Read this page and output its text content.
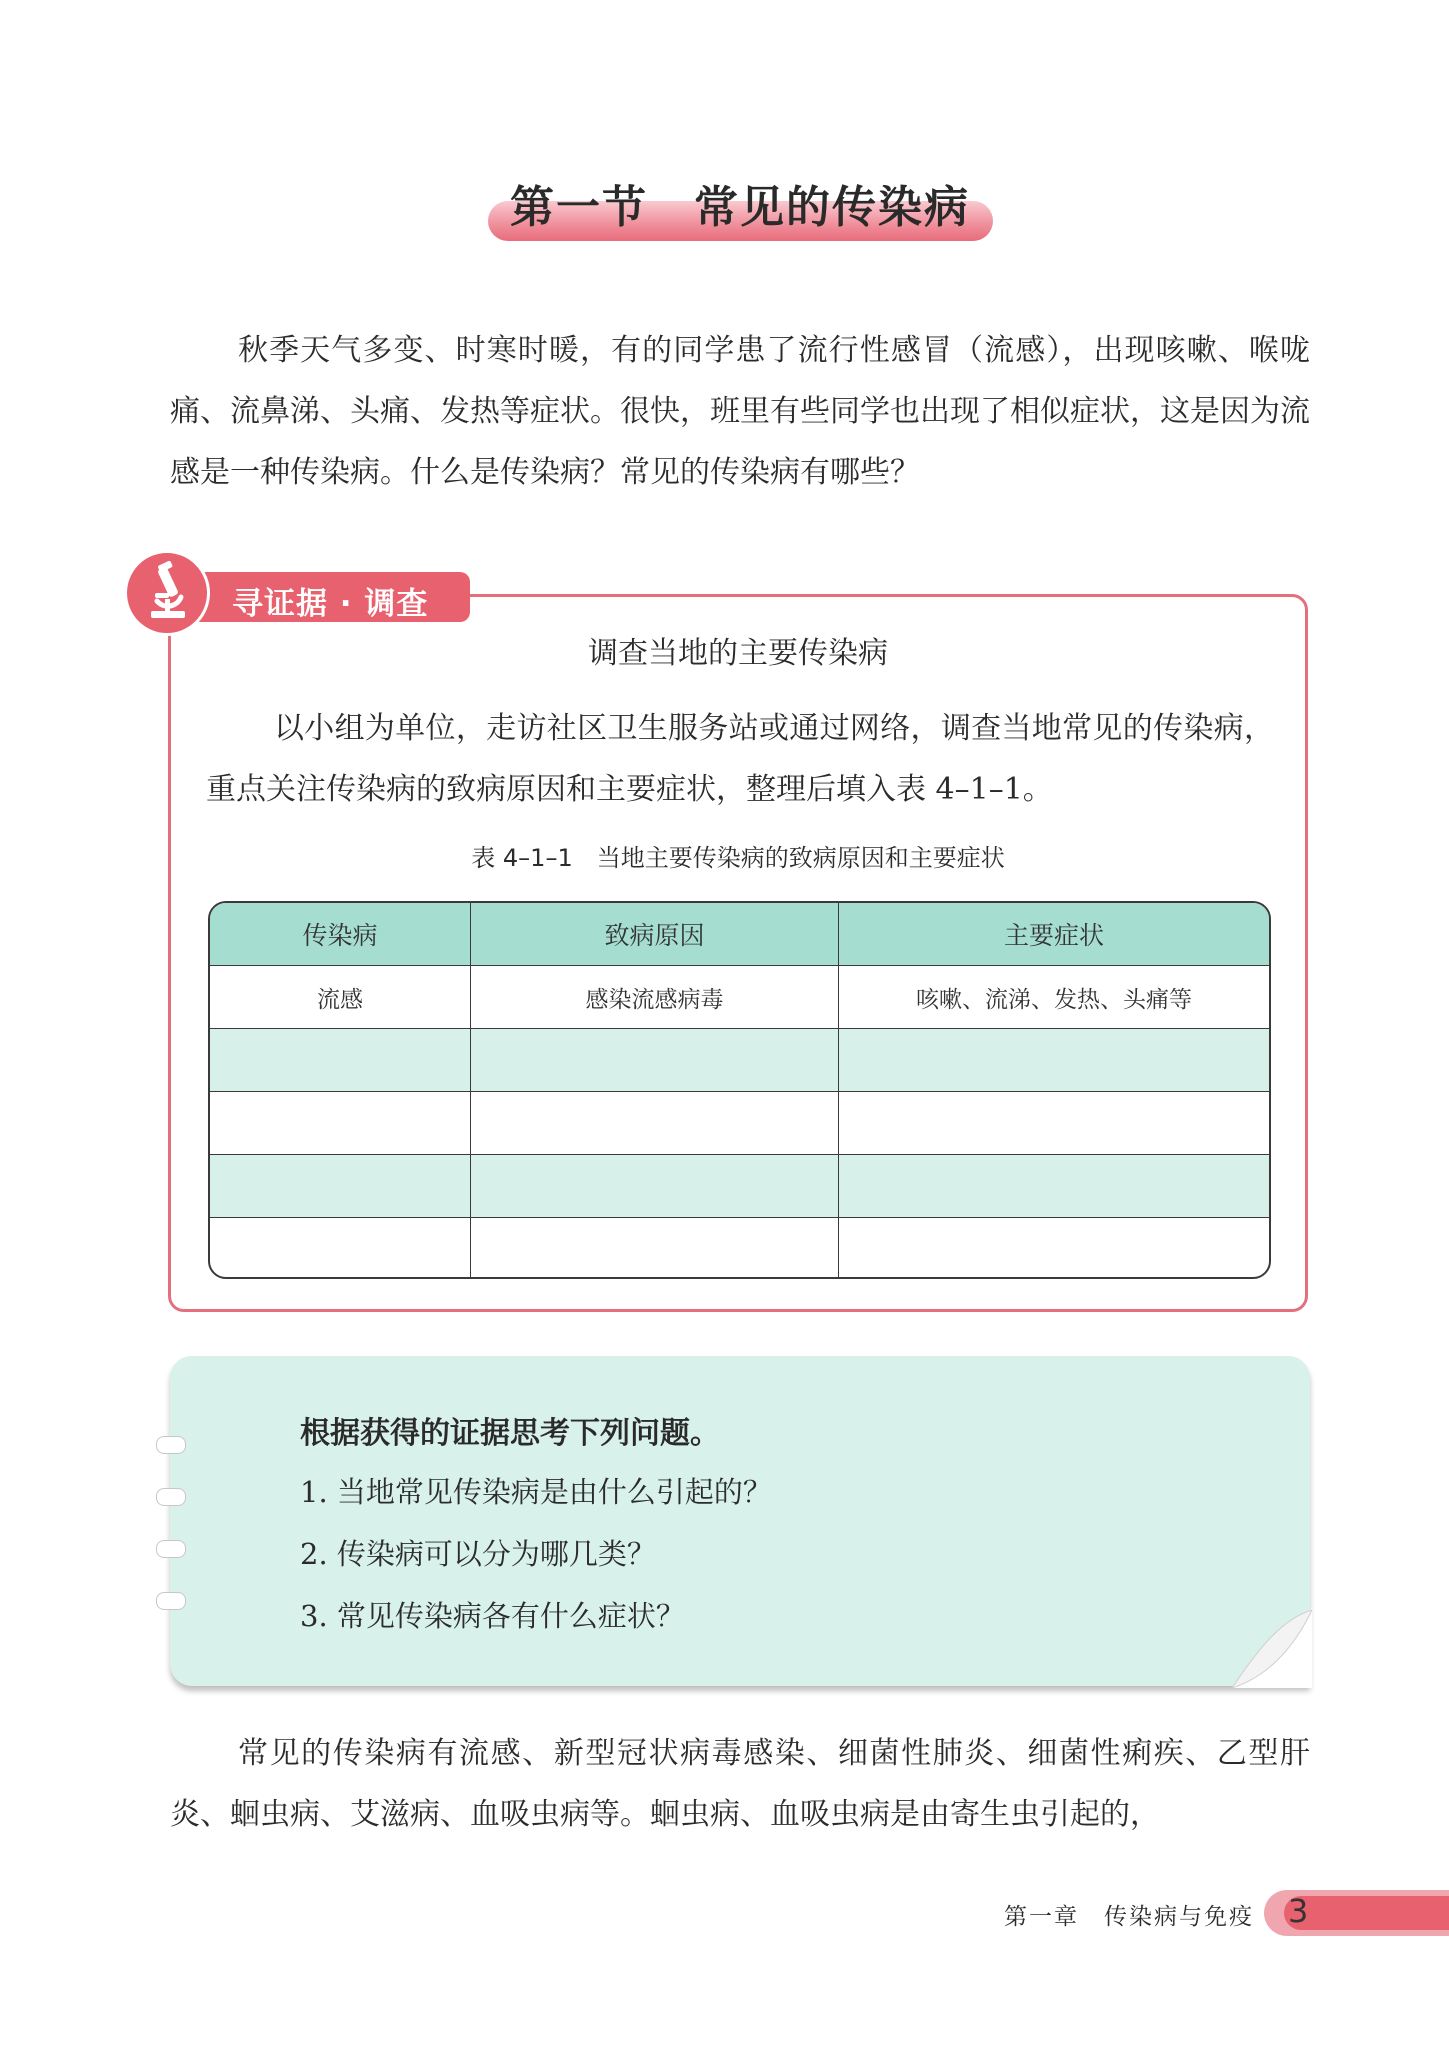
第一节　常见的传染病
秋季天气多变、时寒时暖，有的同学患了流行性感冒（流感），出现咳嗽、喉咙痛、流鼻涕、头痛、发热等症状。很快，班里有些同学也出现了相似症状，这是因为流感是一种传染病。什么是传染病？常见的传染病有哪些？
寻证据 · 调查
调查当地的主要传染病
以小组为单位，走访社区卫生服务站或通过网络，调查当地常见的传染病，重点关注传染病的致病原因和主要症状，整理后填入表 4–1–1。
表 4–1–1　当地主要传染病的致病原因和主要症状
传染病	致病原因	主要症状
流感	感染流感病毒	咳嗽、流涕、发热、头痛等

根据获得的证据思考下列问题。
1. 当地常见传染病是由什么引起的？
2. 传染病可以分为哪几类？
3. 常见传染病各有什么症状？
常见的传染病有流感、新型冠状病毒感染、细菌性肺炎、细菌性痢疾、乙型肝炎、蛔虫病、艾滋病、血吸虫病等。蛔虫病、血吸虫病是由寄生虫引起的，
第一章　传染病与免疫 3
